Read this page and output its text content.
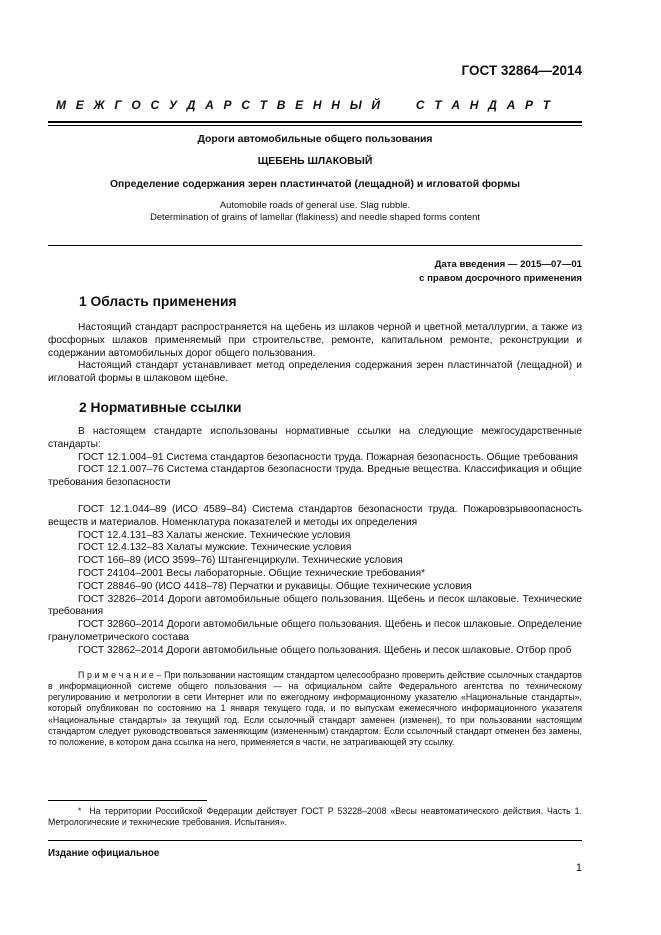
ГОСТ 32864—2014
М Е Ж Г О С У Д А Р С Т В Е Н Н Ы Й     С Т А Н Д А Р Т
Дороги автомобильные общего пользования
ЩЕБЕНЬ ШЛАКОВЫЙ
Определение содержания зерен пластинчатой (лещадной) и игловатой формы
Automobile roads of general use. Slag rubble.
Determination of grains of lamellar (flakiness) and needle shaped forms content
Дата введения — 2015—07—01
с правом досрочного применения
1 Область применения

Настоящий стандарт распространяется на щебень из шлаков черной и цветной металлургии, а также из фосфорных шлаков применяемый при строительстве, ремонте, капитальном ремонте, реконструкции и содержании автомобильных дорог общего пользования.

Настоящий стандарт устанавливает метод определения содержания зерен пластинчатой (лещадной) и игловатой формы в шлаковом щебне.

2 Нормативные ссылки

В настоящем стандарте использованы нормативные ссылки на следующие межгосударственные стандарты:

ГОСТ 12.1.004–91 Система стандартов безопасности труда. Пожарная безопасность. Общие требования

ГОСТ 12.1.007–76 Система стандартов безопасности труда. Вредные вещества. Классификация и общие требования безопасности

ГОСТ 12.1.044–89 (ИСО 4589–84) Система стандартов безопасности труда. Пожаровзрывоопасность веществ и материалов. Номенклатура показателей и методы их определения

ГОСТ 12.4.131–83 Халаты женские. Технические условия

ГОСТ 12.4.132–83 Халаты мужские. Технические условия

ГОСТ 166–89 (ИСО 3599–76) Штангенциркули. Технические условия

ГОСТ 24104–2001 Весы лабораторные. Общие технические требования*

ГОСТ 28846–90 (ИСО 4418–78) Перчатки и рукавицы. Общие технические условия

ГОСТ 32826–2014 Дороги автомобильные общего пользования. Щебень и песок шлаковые. Технические требования

ГОСТ 32860–2014 Дороги автомобильные общего пользования. Щебень и песок шлаковые. Определение гранулометрического состава

ГОСТ 32862–2014 Дороги автомобильные общего пользования. Щебень и песок шлаковые. Отбор проб

П р и м е ч а н и е – При пользовании настоящим стандартом целесообразно проверить действие ссылочных стандартов в информационной системе общего пользования — на официальном сайте Федерального агентства по техническому регулированию и метрологии в сети Интернет или по ежегодному информационному указателю «Национальные стандарты», который опубликован по состоянию на 1 января текущего года, и по выпускам ежемесячного информационного указателя «Национальные стандарты» за текущий год. Если ссылочный стандарт заменен (изменен), то при пользовании настоящим стандартом следует руководствоваться заменяющим (измененным) стандартом. Если ссылочный стандарт отменен без замены, то положение, в котором дана ссылка на него, применяется в части, не затрагивающей эту ссылку.

* На территории Российской Федерации действует ГОСТ Р 53228–2008 «Весы неавтоматического действия. Часть 1. Метрологические и технические требования. Испытания».

Издание официальное
1
